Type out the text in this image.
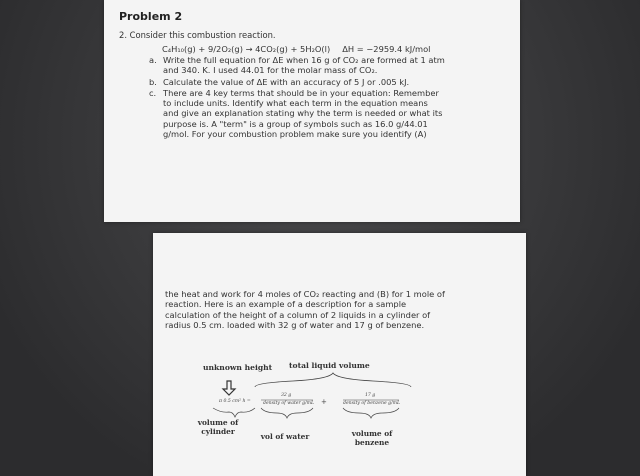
Problem 2
2. Consider this combustion reaction.
C₄H₁₀(g) + 9/2O₂(g) → 4CO₂(g) + 5H₂O(l) ΔH = −2959.4 kJ/mol
a. Write the full equation for ΔE when 16 g of CO₂ are formed at 1 atm
and 340. K. I used 44.01 for the molar mass of CO₂.
b. Calculate the value of ΔE with an accuracy of 5 J or .005 kJ.
c. There are 4 key terms that should be in your equation: Remember
to include units. Identify what each term in the equation means
and give an explanation stating why the term is needed or what its
purpose is. A "term" is a group of symbols such as 16.0 g/44.01
g/mol. For your combustion problem make sure you identify (A)
the heat and work for 4 moles of CO₂ reacting and (B) for 1 mole of
reaction. Here is an example of a description for a sample
calculation of the height of a column of 2 liquids in a cylinder of
radius 0.5 cm. loaded with 32 g of water and 17 g of benzene.
+
unknown height total liquid volume
π 0.5 cm² h =
32 g
density of water g/mL
17 g
density of benzene g/mL
volume of
cylinder
vol of water	volume of
benzene
